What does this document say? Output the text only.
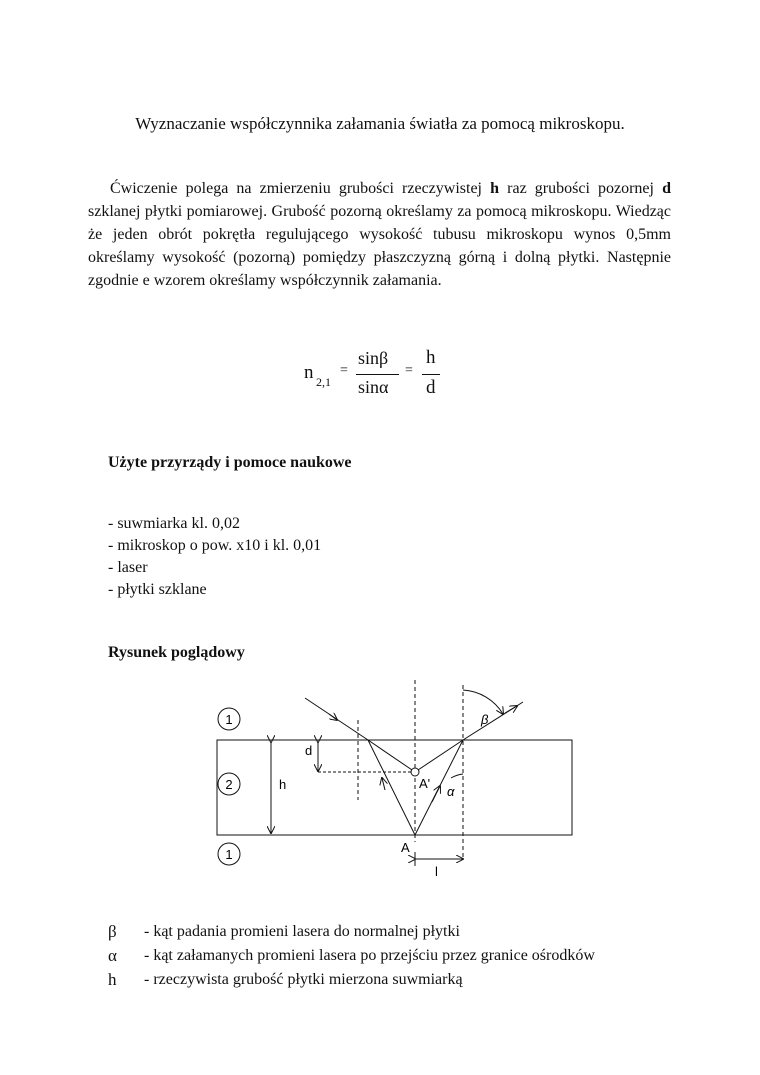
Wyznaczanie współczynnika załamania światła za pomocą mikroskopu.
Ćwiczenie polega na zmierzeniu grubości rzeczywistej h raz grubości pozornej d szklanej płytki pomiarowej. Grubość pozorną określamy za pomocą mikroskopu. Wiedząc że jeden obrót pokrętła regulującego wysokość tubusu mikroskopu wynos 0,5mm określamy wysokość (pozorną) pomiędzy płaszczyzną górną i dolną płytki. Następnie zgodnie e wzorem określamy współczynnik załamania.
n 2,1
=
sinβ
sinα
=
h
d
Użyte przyrządy i pomoce naukowe
- suwmiarka kl. 0,02
- mikroskop o pow. x10 i kl. 0,01
- laser
- płytki szklane
Rysunek poglądowy
1
2
1
h
d
A'
A
α
β
l
β	- kąt padania promieni lasera do normalnej płytki
α	- kąt załamanych promieni lasera po przejściu przez granice ośrodków
h	- rzeczywista grubość płytki mierzona suwmiarką
